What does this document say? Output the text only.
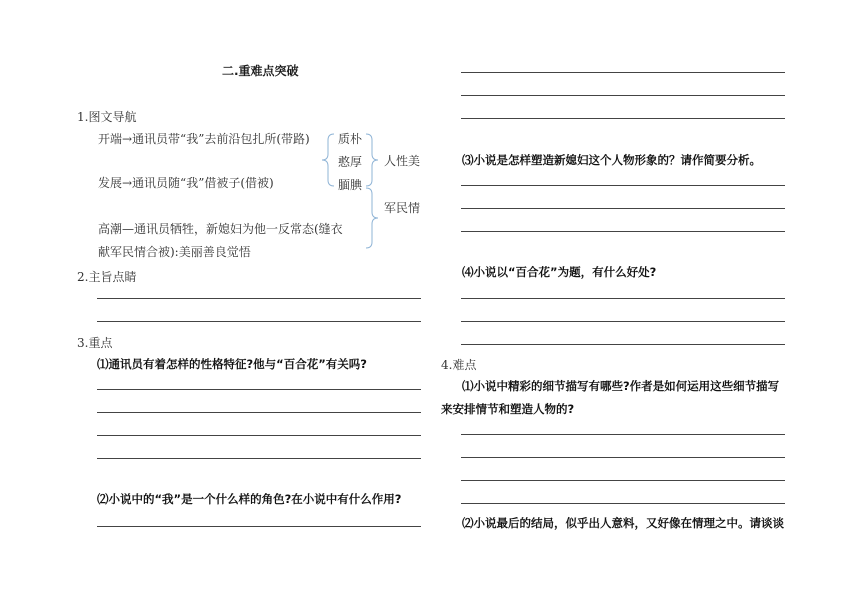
二.重难点突破
1.图文导航
开端→通讯员带“我”去前沿包扎所(带路)
发展→通讯员随“我”借被子(借被)
高潮—通讯员牺牲，新媳妇为他一反常态(缝衣
献军民情合被):美丽善良觉悟
质朴
憨厚
腼腆
人性美
军民情
2.主旨点睛
3.重点
⑴通讯员有着怎样的性格特征?他与“百合花”有关吗?
⑵小说中的“我”是一个什么样的角色?在小说中有什么作用?
⑶小说是怎样塑造新媳妇这个人物形象的？请作简要分析。
⑷小说以“百合花”为题，有什么好处?
4.难点
⑴小说中精彩的细节描写有哪些?作者是如何运用这些细节描写
来安排情节和塑造人物的?
⑵小说最后的结局，似乎出人意料，又好像在情理之中。请谈谈
